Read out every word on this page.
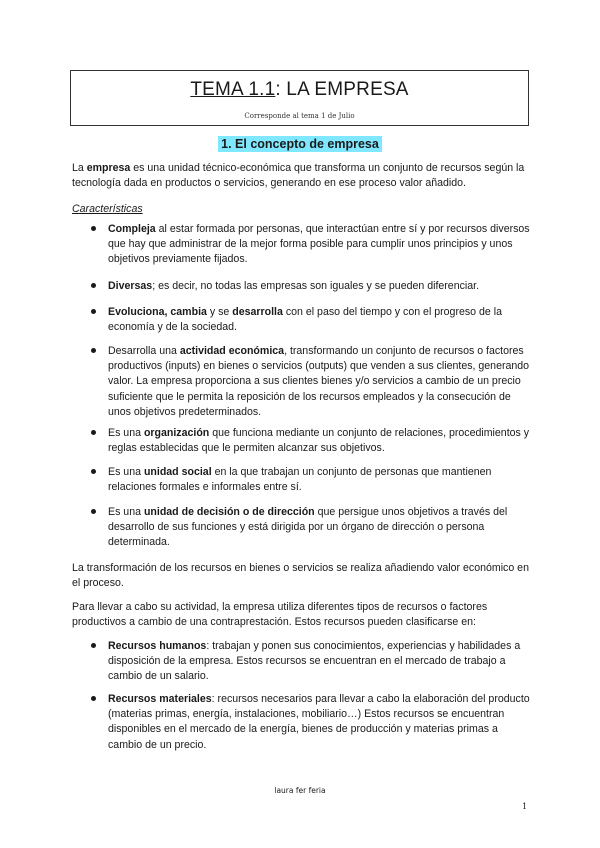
TEMA 1.1: LA EMPRESA
Corresponde al tema 1 de Julio
1. El concepto de empresa

La empresa es una unidad técnico-económica que transforma un conjunto de recursos según la tecnología dada en productos o servicios, generando en ese proceso valor añadido.

Características
Compleja al estar formada por personas, que interactúan entre sí y por recursos diversos que hay que administrar de la mejor forma posible para cumplir unos principios y unos objetivos previamente fijados.
Diversas; es decir, no todas las empresas son iguales y se pueden diferenciar.
Evoluciona, cambia y se desarrolla con el paso del tiempo y con el progreso de la economía y de la sociedad.
Desarrolla una actividad económica, transformando un conjunto de recursos o factores productivos (inputs) en bienes o servicios (outputs) que venden a sus clientes, generando valor. La empresa proporciona a sus clientes bienes y/o servicios a cambio de un precio suficiente que le permita la reposición de los recursos empleados y la consecución de unos objetivos predeterminados.
Es una organización que funciona mediante un conjunto de relaciones, procedimientos y reglas establecidas que le permiten alcanzar sus objetivos.
Es una unidad social en la que trabajan un conjunto de personas que mantienen relaciones formales e informales entre sí.
Es una unidad de decisión o de dirección que persigue unos objetivos a través del desarrollo de sus funciones y está dirigida por un órgano de dirección o persona determinada.

La transformación de los recursos en bienes o servicios se realiza añadiendo valor económico en el proceso.

Para llevar a cabo su actividad, la empresa utiliza diferentes tipos de recursos o factores productivos a cambio de una contraprestación. Estos recursos pueden clasificarse en:

Recursos humanos: trabajan y ponen sus conocimientos, experiencias y habilidades a disposición de la empresa. Estos recursos se encuentran en el mercado de trabajo a cambio de un salario.
Recursos materiales: recursos necesarios para llevar a cabo la elaboración del producto (materias primas, energía, instalaciones, mobiliario…) Estos recursos se encuentran disponibles en el mercado de la energía, bienes de producción y materias primas a cambio de un precio.
laura fer feria
1
